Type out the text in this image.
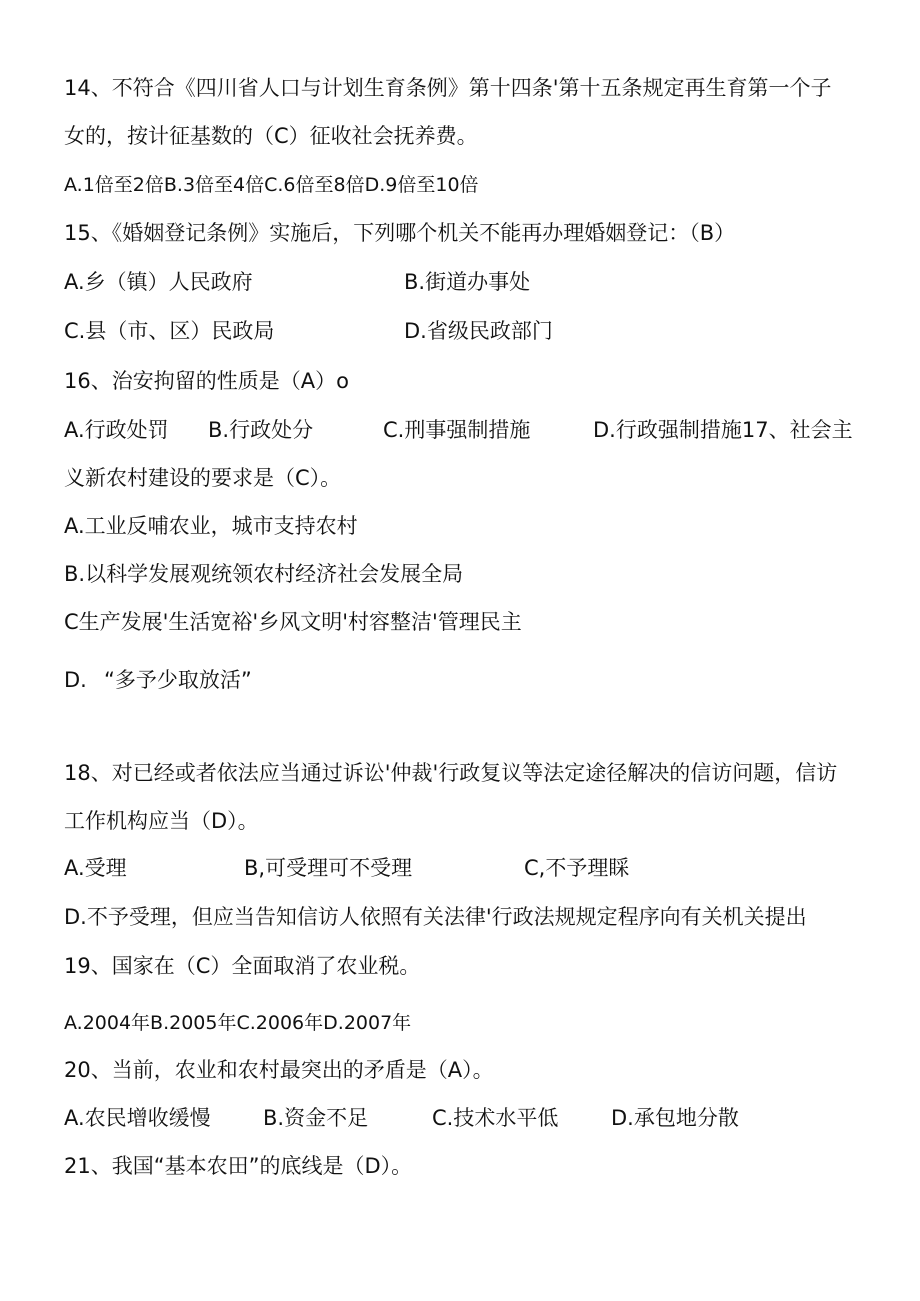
14、不符合《四川省人口与计划生育条例》第十四条'第十五条规定再生育第一个子
女的，按计征基数的（C）征收社会抚养费。
A.1倍至2倍B.3倍至4倍C.6倍至8倍D.9倍至10倍
15、《婚姻登记条例》实施后，下列哪个机关不能再办理婚姻登记：（B）
A.乡（镇）人民政府	B.街道办事处
C.县（市、区）民政局	D.省级民政部门
16、治安拘留的性质是（A）o
A.行政处罚 B.行政处分	C.刑事强制措施	D.行政强制措施17、社会主
义新农村建设的要求是（C）。
A.工业反哺农业，城市支持农村
B.以科学发展观统领农村经济社会发展全局
C生产发展'生活宽裕'乡风文明'村容整洁'管理民主
D. “多予少取放活”
18、对已经或者依法应当通过诉讼'仲裁'行政复议等法定途径解决的信访问题，信访
工作机构应当（D）。
A.受理	B,可受理可不受理	C,不予理睬
D.不予受理，但应当告知信访人依照有关法律'行政法规规定程序向有关机关提出
19、国家在（C）全面取消了农业税。
A.2004年B.2005年C.2006年D.2007年
20、当前，农业和农村最突出的矛盾是（A）。
A.农民增收缓慢 B.资金不足	C.技术水平低	D.承包地分散
21、我国“基本农田”的底线是（D）。
